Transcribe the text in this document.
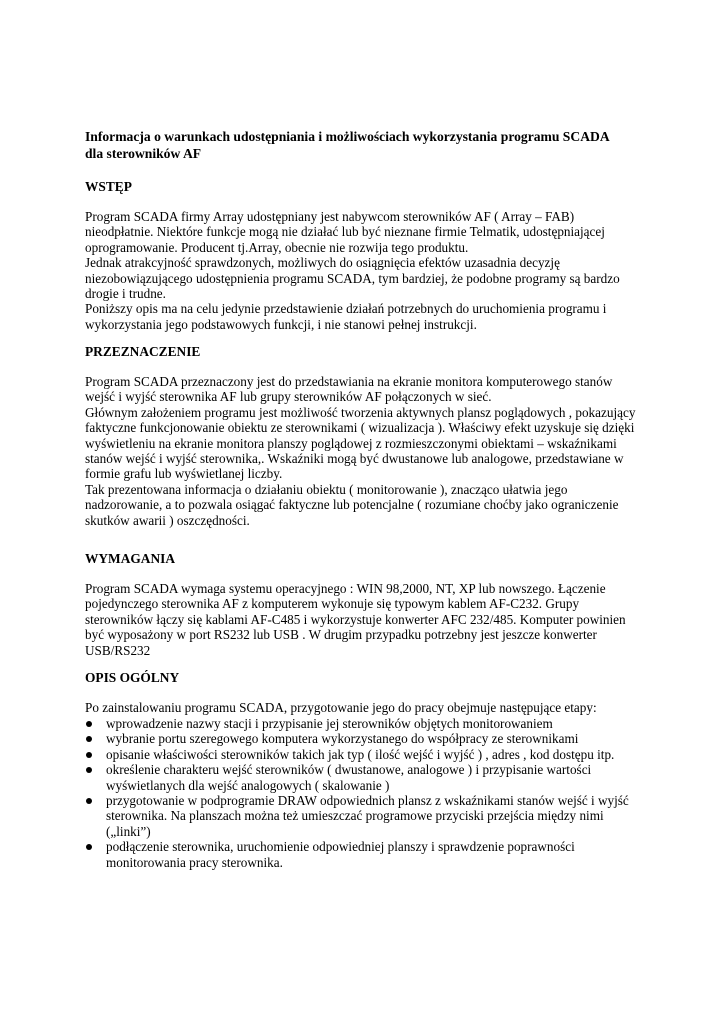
Informacja o warunkach udostępniania i możliwościach wykorzystania programu SCADA
dla sterowników AF
WSTĘP
Program SCADA firmy Array udostępniany jest nabywcom sterowników AF ( Array – FAB)
nieodpłatnie. Niektóre funkcje mogą nie działać lub być nieznane firmie Telmatik, udostępniającej
oprogramowanie. Producent tj.Array, obecnie nie rozwija tego produktu.
Jednak atrakcyjność sprawdzonych, możliwych do osiągnięcia efektów uzasadnia decyzję
niezobowiązującego udostępnienia programu SCADA, tym bardziej, że podobne programy są bardzo
drogie i trudne.
Poniższy opis ma na celu jedynie przedstawienie działań potrzebnych do uruchomienia programu i
wykorzystania jego podstawowych funkcji, i nie stanowi pełnej instrukcji.
PRZEZNACZENIE
Program SCADA przeznaczony jest do przedstawiania na ekranie monitora komputerowego stanów
wejść i wyjść sterownika AF lub grupy sterowników AF połączonych w sieć.
Głównym założeniem programu jest możliwość tworzenia aktywnych plansz poglądowych , pokazujący
faktyczne funkcjonowanie obiektu ze sterownikami ( wizualizacja ). Właściwy efekt uzyskuje się dzięki
wyświetleniu na ekranie monitora planszy poglądowej z rozmieszczonymi obiektami – wskaźnikami
stanów wejść i wyjść sterownika,. Wskaźniki mogą być dwustanowe lub analogowe, przedstawiane w
formie grafu lub wyświetlanej liczby.
Tak prezentowana informacja o działaniu obiektu ( monitorowanie ), znacząco ułatwia jego
nadzorowanie, a to pozwala osiągać faktyczne lub potencjalne ( rozumiane choćby jako ograniczenie
skutków awarii ) oszczędności.
WYMAGANIA
Program SCADA wymaga systemu operacyjnego : WIN 98,2000, NT, XP lub nowszego. Łączenie
pojedynczego sterownika AF z komputerem wykonuje się typowym kablem AF-C232. Grupy
sterowników łączy się kablami AF-C485 i wykorzystuje konwerter AFC 232/485. Komputer powinien
być wyposażony w port RS232 lub USB . W drugim przypadku potrzebny jest jeszcze konwerter
USB/RS232
OPIS OGÓLNY
Po zainstalowaniu programu SCADA, przygotowanie jego do pracy obejmuje następujące etapy:
wprowadzenie nazwy stacji i przypisanie jej sterowników objętych monitorowaniem
wybranie portu szeregowego komputera wykorzystanego do współpracy ze sterownikami
opisanie właściwości sterowników takich jak typ ( ilość wejść i wyjść ) , adres , kod dostępu itp.
określenie charakteru wejść sterowników ( dwustanowe, analogowe ) i przypisanie wartości
wyświetlanych dla wejść analogowych ( skalowanie )
przygotowanie w podprogramie DRAW odpowiednich plansz z wskaźnikami stanów wejść i wyjść
sterownika. Na planszach można też umieszczać programowe przyciski przejścia między nimi
(„linki”)
podłączenie sterownika, uruchomienie odpowiedniej planszy i sprawdzenie poprawności
monitorowania pracy sterownika.
